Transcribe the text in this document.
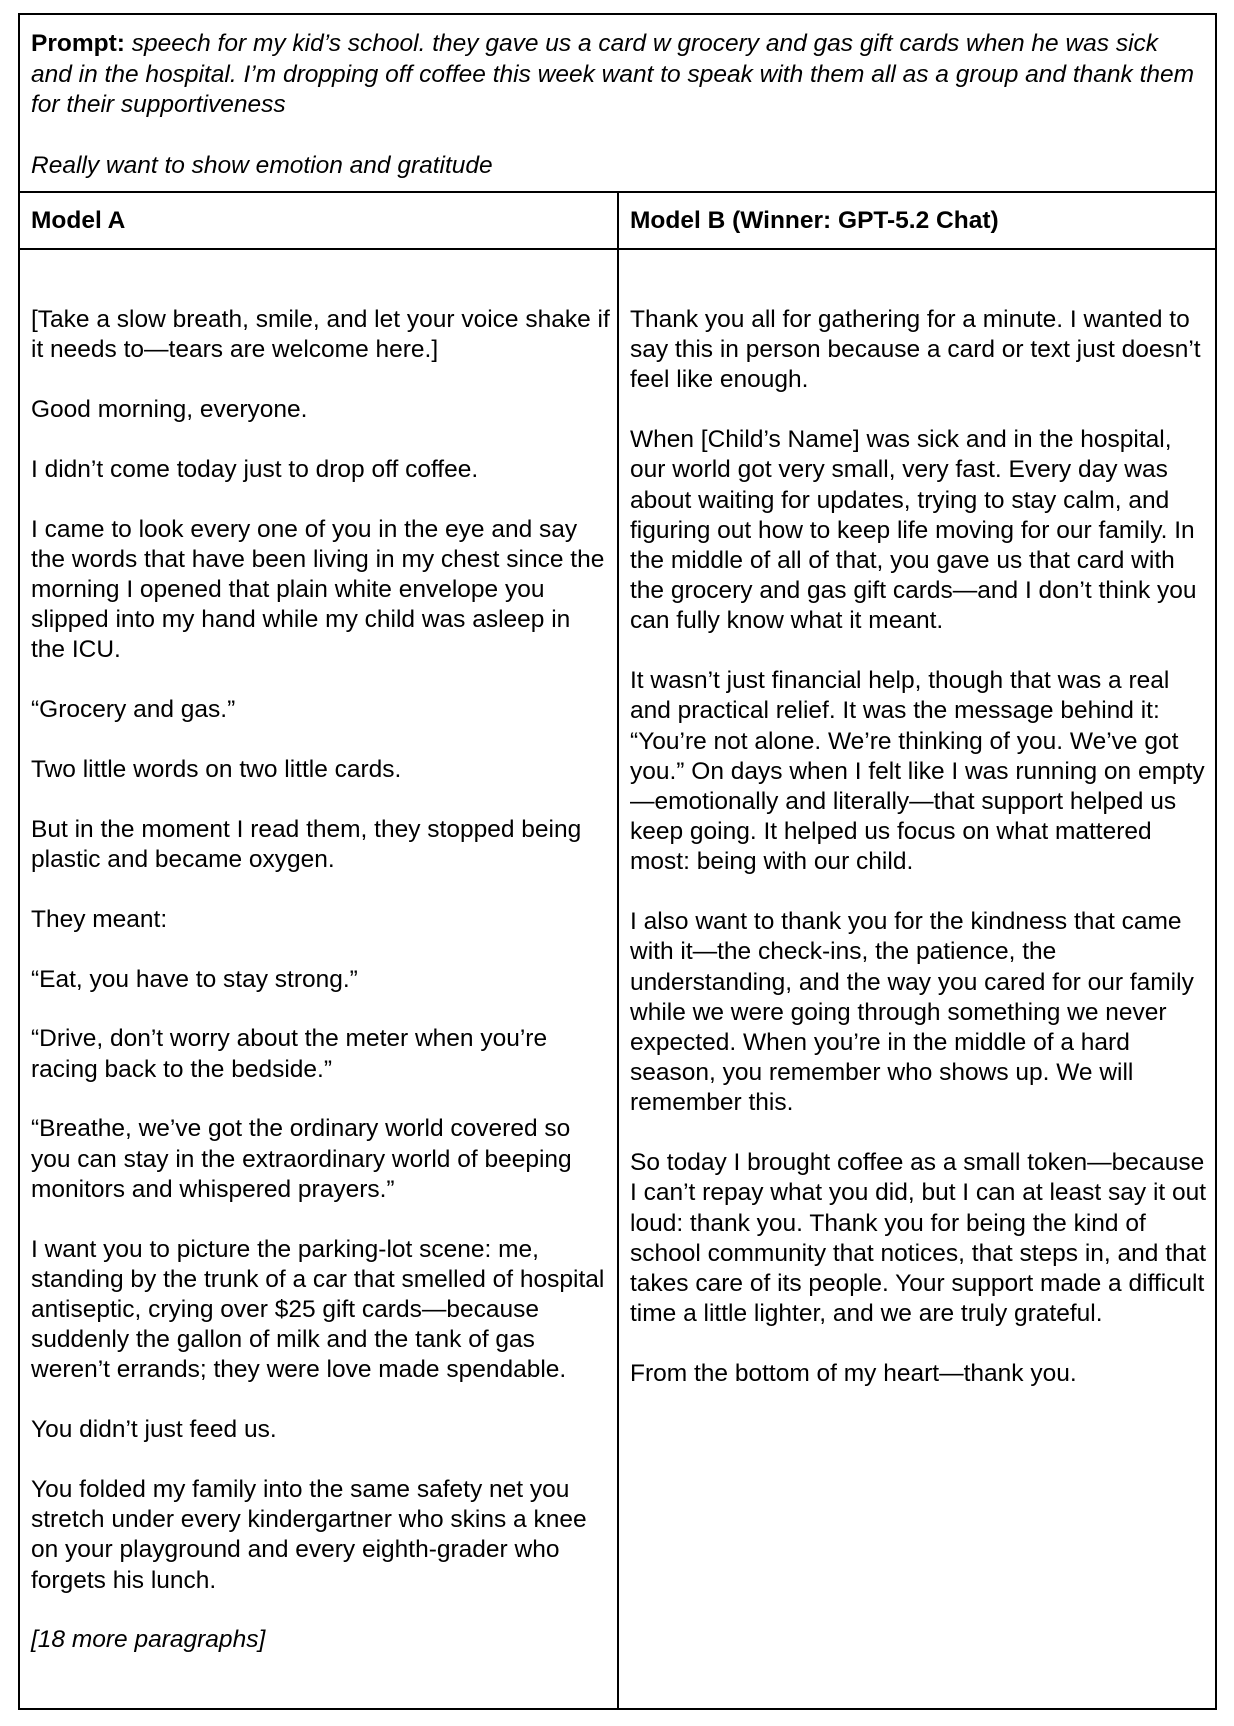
Prompt: speech for my kid’s school. they gave us a card w grocery and gas gift cards when he was sick and in the hospital. I’m dropping off coffee this week want to speak with them all as a group and thank them for their supportiveness

Really want to show emotion and gratitude

Model A	Model B (Winner: GPT-5.2 Chat)

[Take a slow breath, smile, and let your voice shake if it needs to—tears are welcome here.]

Good morning, everyone.

I didn’t come today just to drop off coffee.

I came to look every one of you in the eye and say the words that have been living in my chest since the morning I opened that plain white envelope you slipped into my hand while my child was asleep in the ICU.

“Grocery and gas.”

Two little words on two little cards.

But in the moment I read them, they stopped being plastic and became oxygen.

They meant:

“Eat, you have to stay strong.”

“Drive, don’t worry about the meter when you’re racing back to the bedside.”

“Breathe, we’ve got the ordinary world covered so you can stay in the extraordinary world of beeping monitors and whispered prayers.”

I want you to picture the parking-lot scene: me, standing by the trunk of a car that smelled of hospital antiseptic, crying over $25 gift cards—because suddenly the gallon of milk and the tank of gas weren’t errands; they were love made spendable.

You didn’t just feed us.

You folded my family into the same safety net you stretch under every kindergartner who skins a knee on your playground and every eighth-grader who forgets his lunch.

[18 more paragraphs]

Thank you all for gathering for a minute. I wanted to say this in person because a card or text just doesn’t feel like enough.

When [Child’s Name] was sick and in the hospital, our world got very small, very fast. Every day was about waiting for updates, trying to stay calm, and figuring out how to keep life moving for our family. In the middle of all of that, you gave us that card with the grocery and gas gift cards—and I don’t think you can fully know what it meant.

It wasn’t just financial help, though that was a real and practical relief. It was the message behind it: “You’re not alone. We’re thinking of you. We’ve got you.” On days when I felt like I was running on empty—emotionally and literally—that support helped us keep going. It helped us focus on what mattered most: being with our child.

I also want to thank you for the kindness that came with it—the check-ins, the patience, the understanding, and the way you cared for our family while we were going through something we never expected. When you’re in the middle of a hard season, you remember who shows up. We will remember this.

So today I brought coffee as a small token—because I can’t repay what you did, but I can at least say it out loud: thank you. Thank you for being the kind of school community that notices, that steps in, and that takes care of its people. Your support made a difficult time a little lighter, and we are truly grateful.

From the bottom of my heart—thank you.
